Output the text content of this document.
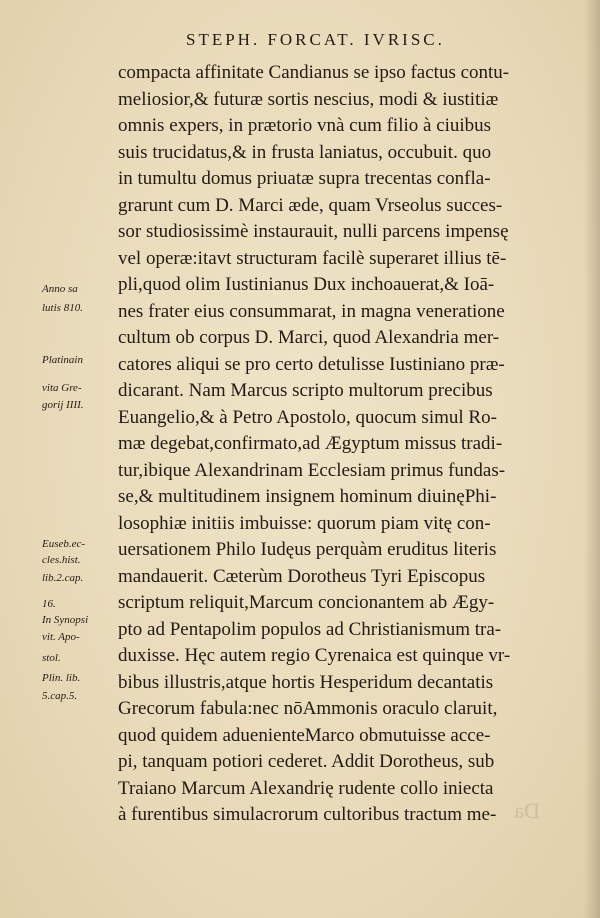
STEPH. FORCAT. IVRISC.
compacta affinitate Candianus se ipso factus contu-
meliosior,& futuræ sortis nescius, modi & iustitiæ
omnis expers, in prætorio vnà cum filio à ciuibus
suis trucidatus,& in frusta laniatus, occubuit. quo
in tumultu domus priuatæ supra trecentas confla-
grarunt cum D. Marci æde, quam Vrseolus succes-
sor studiosissimè instaurauit, nulli parcens impensę
vel operæ:itavt structuram facilè superaret illius tē-
pli,quod olim Iustinianus Dux inchoauerat,& Ioā-
nes frater eius consummarat, in magna veneratione
cultum ob corpus D. Marci, quod Alexandria mer-
catores aliqui se pro certo detulisse Iustiniano præ-
dicarant. Nam Marcus scripto multorum precibus
Euangelio,& à Petro Apostolo, quocum simul Ro-
mæ degebat,confirmato,ad Ægyptum missus tradi-
tur,ibique Alexandrinam Ecclesiam primus fundas-
se,& multitudinem insignem hominum diuinęPhi-
losophiæ initiis imbuisse: quorum piam vitę con-
uersationem Philo Iudęus perquàm eruditus literis
mandauerit. Cæterùm Dorotheus Tyri Episcopus
scriptum reliquit,Marcum concionantem ab Ægy-
pto ad Pentapolim populos ad Christianismum tra-
duxisse. Hęc autem regio Cyrenaica est quinque vr-
bibus illustris,atque hortis Hesperidum decantatis
Grecorum fabula:nec nōAmmonis oraculo claruit,
quod quidem aduenienteMarco obmutuisse acce-
pi, tanquam potiori cederet. Addit Dorotheus, sub
Traiano Marcum Alexandrię rudente collo iniecta
à furentibus simulacrorum cultoribus tractum me-
Anno sa
lutis 810.
Platinain
vita Gre-
gorij IIII.
Euseb.ec-
cles.hist.
lib.2.cap.
16.
In Synopsi
vit. Apo-
stol.
Plin. lib.
5.cap.5.
Da
